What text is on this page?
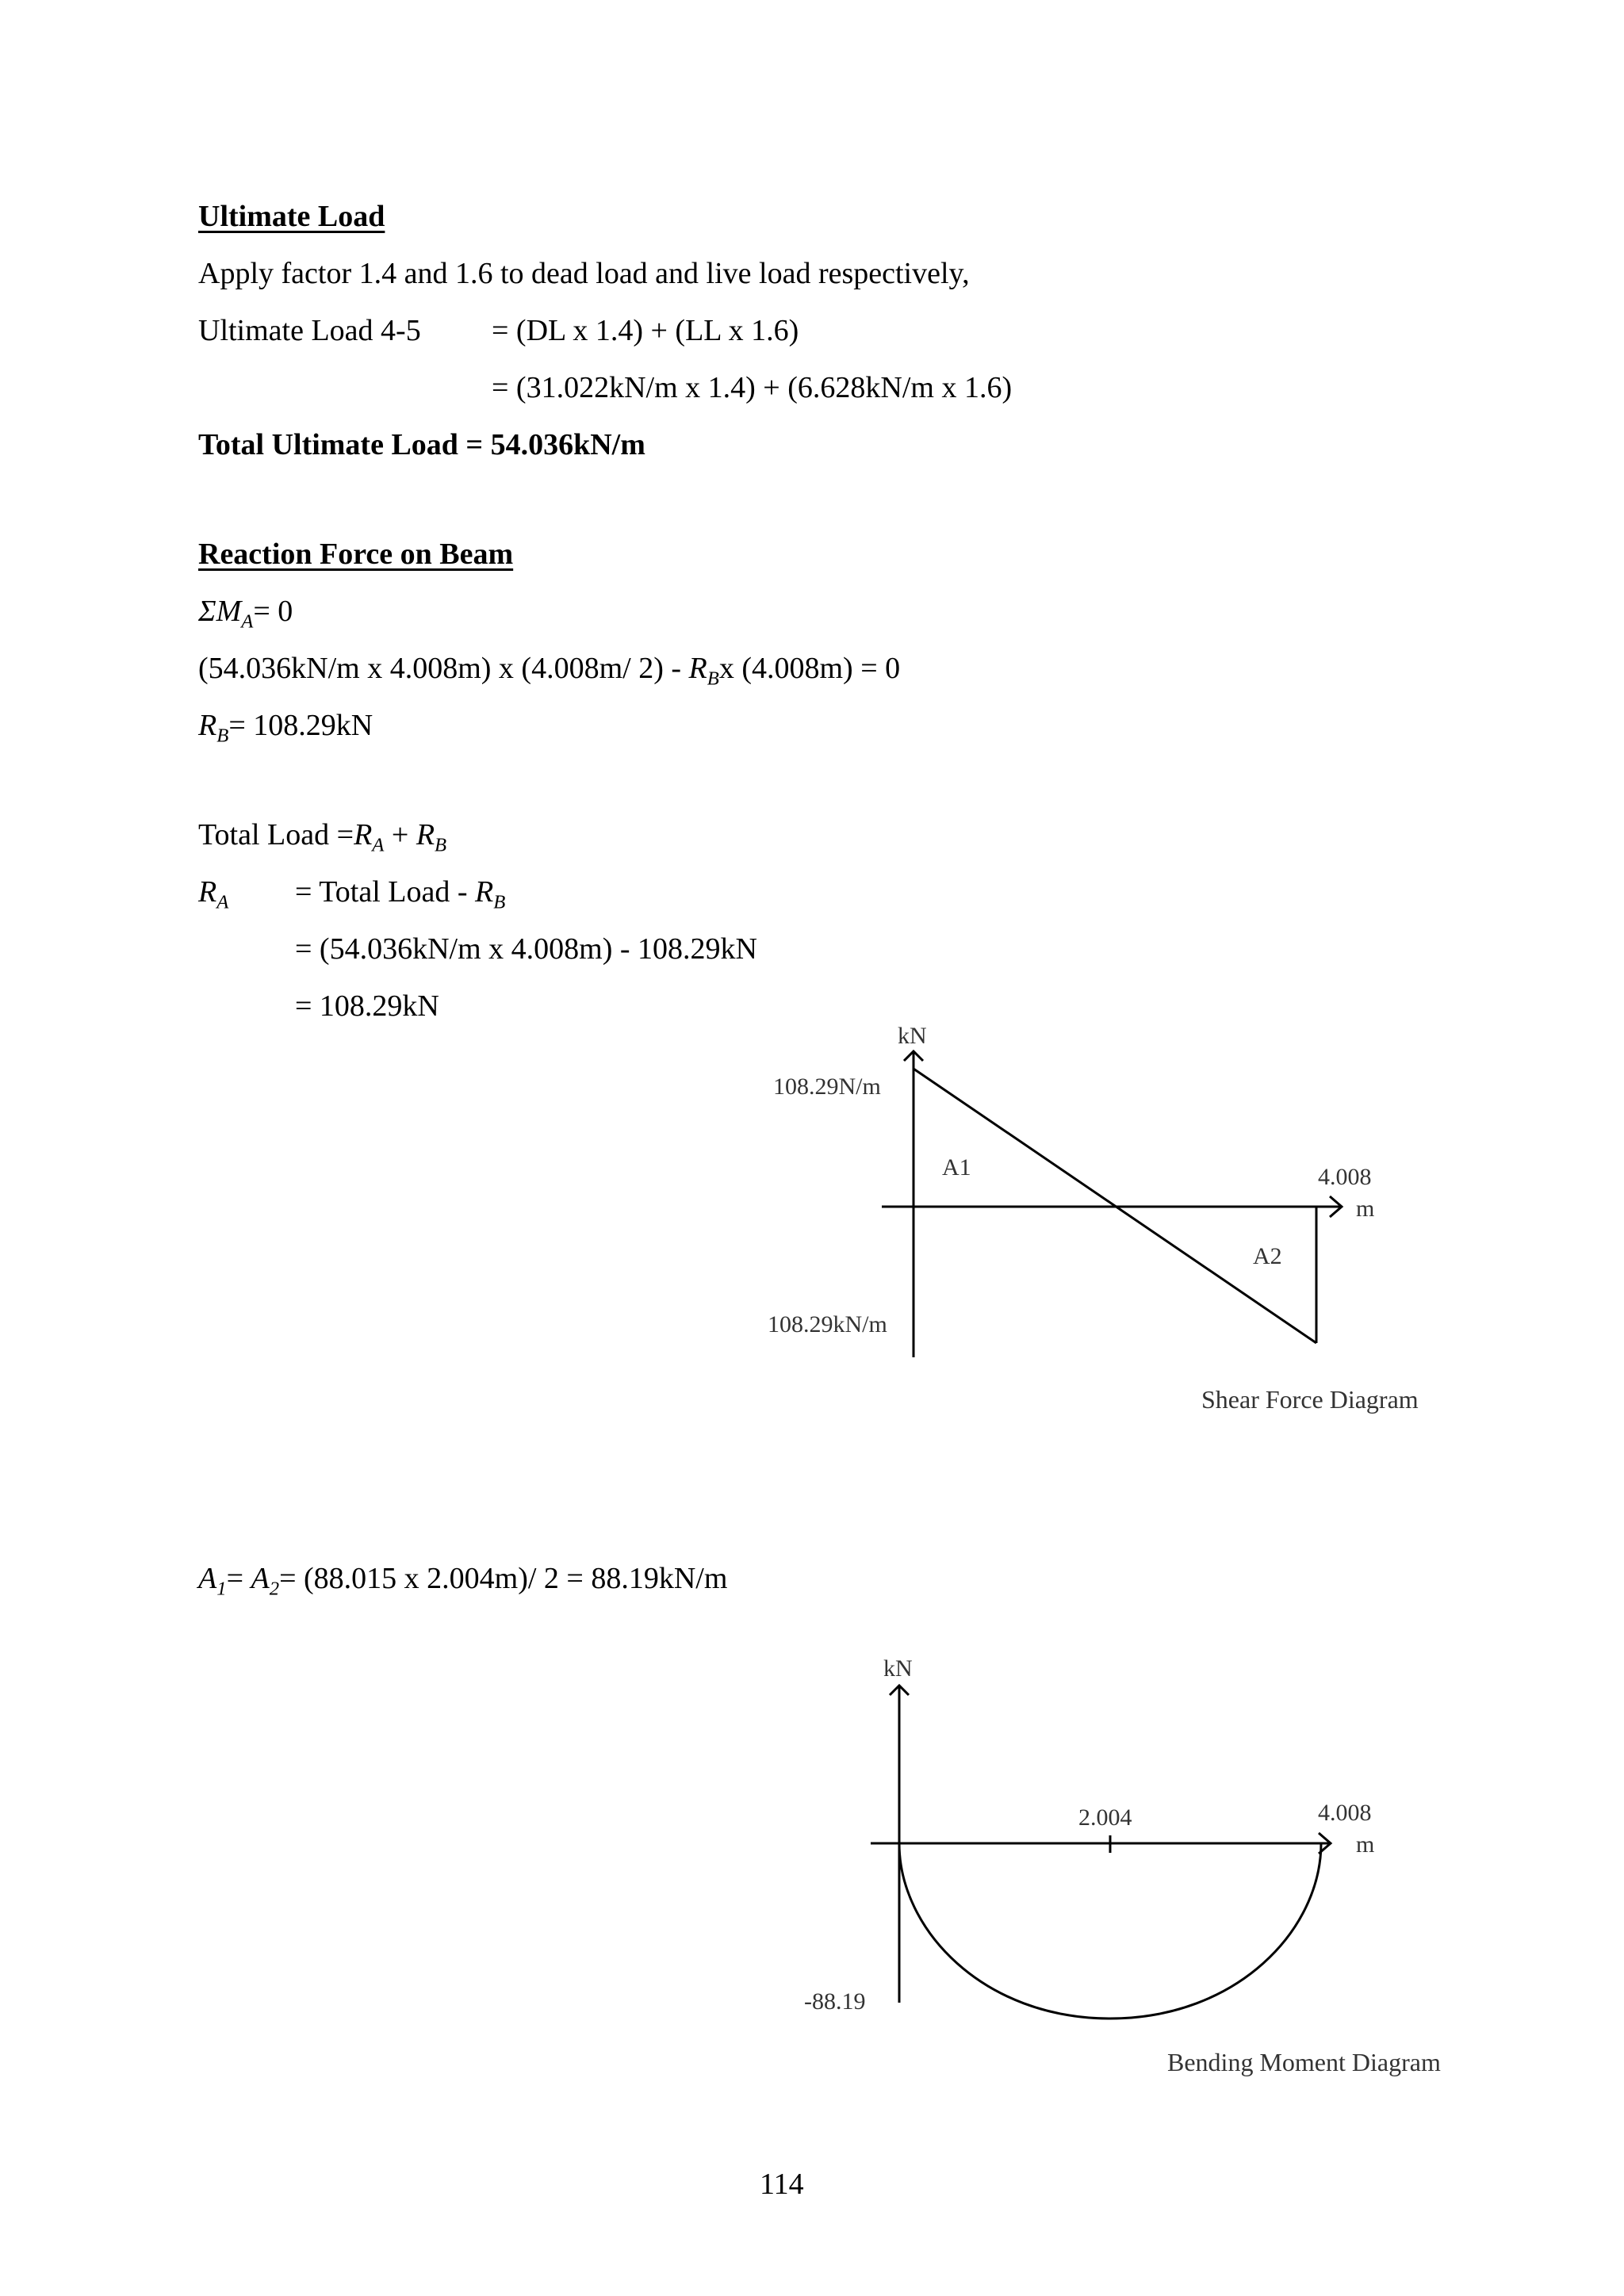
Ultimate Load
Apply factor 1.4 and 1.6 to dead load and live load respectively,
Ultimate Load 4-5 = (DL x 1.4) + (LL x 1.6)
= (31.022kN/m x 1.4) + (6.628kN/m x 1.6)
Total Ultimate Load = 54.036kN/m
Reaction Force on Beam
$\Sigma M_A= 0$
(54.036kN/m x 4.008m) x (4.008m/ $2) - R_Bx$ (4.008m) = 0
$R_B= 108.29kN$
Total Load $=R_A + R_B$
$R_A$ = Total Load - $R_B$
= (54.036kN/m x 4.008m) - 108.29kN
= 108.29kN
kN
108.29N/m
108.29kN/m
A1
A2
4.008
m
Shear Force Diagram
$A_1= A_2= (88.015$ x 2.004m)/ 2 = 88.19kN/m
kN
2.004	4.008
m
-88.19
Bending Moment Diagram
114
